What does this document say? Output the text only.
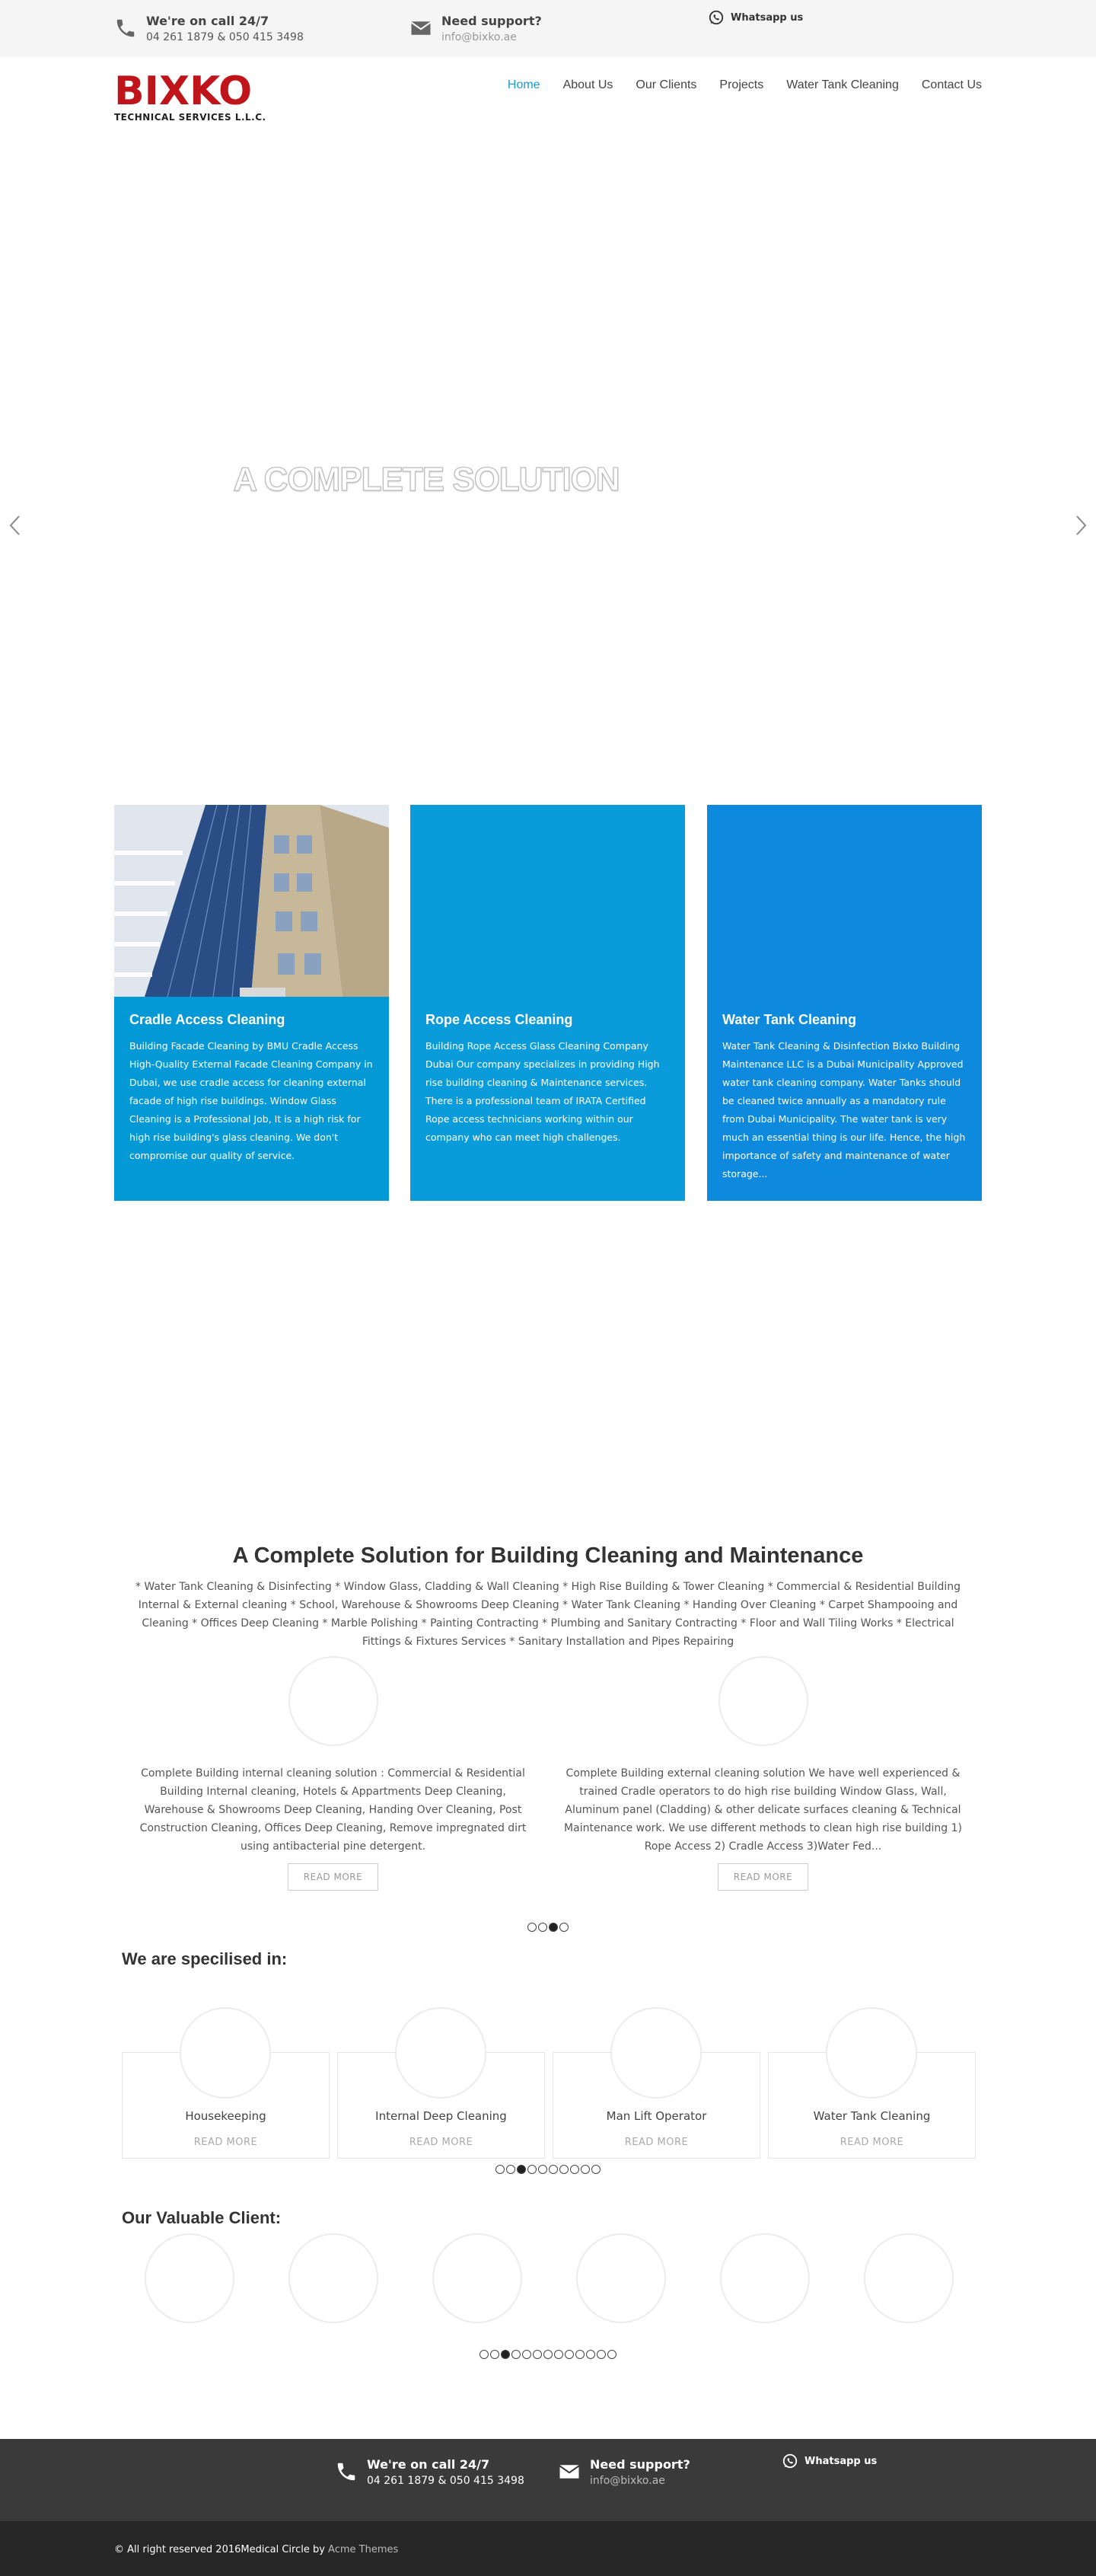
We're on call 24/7
04 261 1879 & 050 415 3498
Need support?
info@bixko.ae
Whatsapp us
BIXKO
TECHNICAL SERVICES L.L.C.
Home About Us Our Clients Projects Water Tank Cleaning Contact Us
A COMPLETE SOLUTION
Cradle Access Cleaning

Building Facade Cleaning by BMU Cradle Access High-Quality External Facade Cleaning Company in Dubai, we use cradle access for cleaning external facade of high rise buildings. Window Glass Cleaning is a Professional Job, It is a high risk for high rise building's glass cleaning. We don't compromise our quality of service.

Rope Access Cleaning

Building Rope Access Glass Cleaning Company Dubai Our company specializes in providing High rise building cleaning & Maintenance services. There is a professional team of IRATA Certified Rope access technicians working within our company who can meet high challenges.

Water Tank Cleaning

Water Tank Cleaning & Disinfection Bixko Building Maintenance LLC is a Dubai Municipality Approved water tank cleaning company. Water Tanks should be cleaned twice annually as a mandatory rule from Dubai Municipality. The water tank is very much an essential thing is our life. Hence, the high importance of safety and maintenance of water storage...

A Complete Solution for Building Cleaning and Maintenance
* Water Tank Cleaning & Disinfecting * Window Glass, Cladding & Wall Cleaning * High Rise Building & Tower Cleaning * Commercial & Residential Building Internal & External cleaning * School, Warehouse & Showrooms Deep Cleaning * Water Tank Cleaning * Handing Over Cleaning * Carpet Shampooing and Cleaning * Offices Deep Cleaning * Marble Polishing * Painting Contracting * Plumbing and Sanitary Contracting * Floor and Wall Tiling Works * Electrical Fittings & Fixtures Services * Sanitary Installation and Pipes Repairing

Complete Building internal cleaning solution : Commercial & Residential Building Internal cleaning, Hotels & Appartments Deep Cleaning, Warehouse & Showrooms Deep Cleaning, Handing Over Cleaning, Post Construction Cleaning, Offices Deep Cleaning, Remove impregnated dirt using antibacterial pine detergent.

READ MORE

Complete Building external cleaning solution We have well experienced & trained Cradle operators to do high rise building Window Glass, Wall, Aluminum panel (Cladding) & other delicate surfaces cleaning & Technical Maintenance work. We use different methods to clean high rise building 1) Rope Access 2) Cradle Access 3)Water Fed...

READ MORE
We are specilised in:
Housekeeping
READ MORE
Internal Deep Cleaning
READ MORE
Man Lift Operator
READ MORE
Water Tank Cleaning
READ MORE
Our Valuable Client:
We're on call 24/7
04 261 1879 & 050 415 3498
Need support?
info@bixko.ae
Whatsapp us
© All right reserved 2016Medical Circle by Acme Themes
